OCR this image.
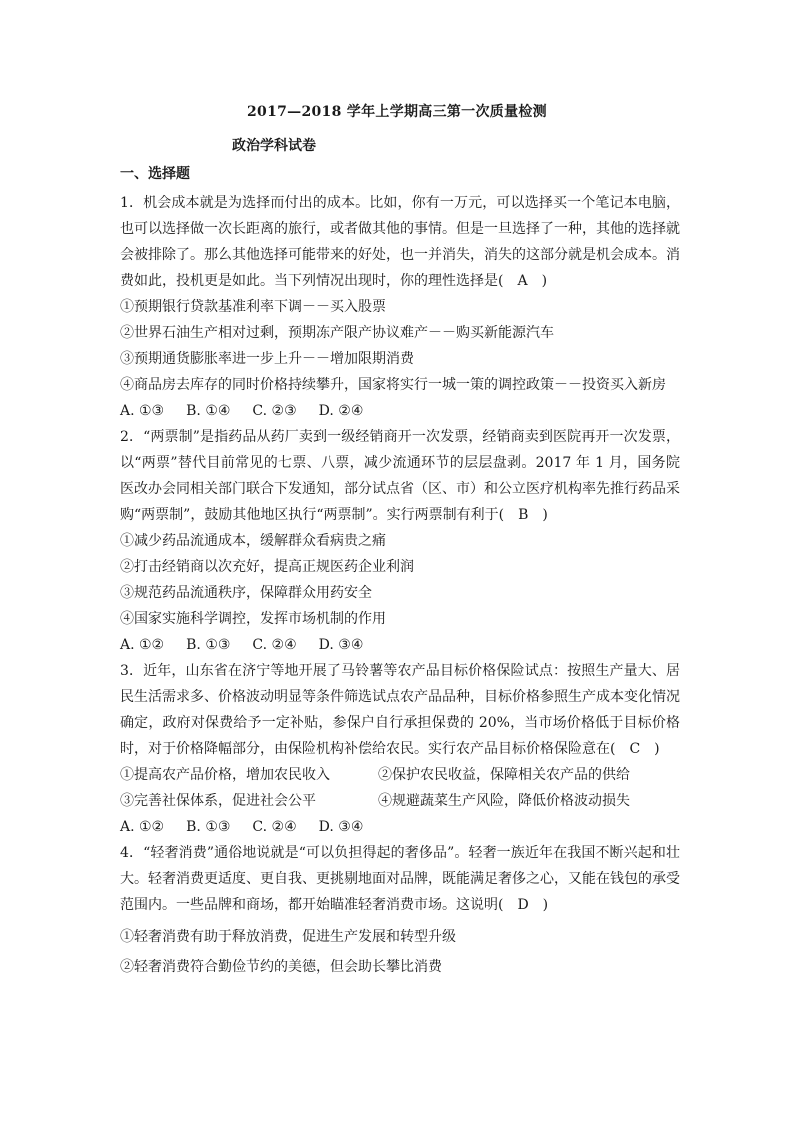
2017—2018 学年上学期高三第一次质量检测
政治学科试卷
一、选择题

1．机会成本就是为选择而付出的成本。比如，你有一万元，可以选择买一个笔记本电脑，也可以选择做一次长距离的旅行，或者做其他的事情。但是一旦选择了一种，其他的选择就会被排除了。那么其他选择可能带来的好处，也一并消失，消失的这部分就是机会成本。消费如此，投机更是如此。当下列情况出现时，你的理性选择是(　A　)

①预期银行贷款基准利率下调－－买入股票
②世界石油生产相对过剩，预期冻产限产协议难产－－购买新能源汽车
③预期通货膨胀率进一步上升－－增加限期消费
④商品房去库存的同时价格持续攀升，国家将实行一城一策的调控政策－－投资买入新房
A. ①③ B. ①④ C. ②③ D. ②④

2．“两票制”是指药品从药厂卖到一级经销商开一次发票，经销商卖到医院再开一次发票，以“两票”替代目前常见的七票、八票，减少流通环节的层层盘剥。2017 年 1 月，国务院医改办会同相关部门联合下发通知，部分试点省（区、市）和公立医疗机构率先推行药品采购“两票制”，鼓励其他地区执行“两票制”。实行两票制有利于(　B　)

①减少药品流通成本，缓解群众看病贵之痛
②打击经销商以次充好，提高正规医药企业利润
③规范药品流通秩序，保障群众用药安全
④国家实施科学调控，发挥市场机制的作用
A. ①② B. ①③ C. ②④ D. ③④

3．近年，山东省在济宁等地开展了马铃薯等农产品目标价格保险试点：按照生产量大、居民生活需求多、价格波动明显等条件筛选试点农产品品种，目标价格参照生产成本变化情况确定，政府对保费给予一定补贴，参保户自行承担保费的 20%，当市场价格低于目标价格时，对于价格降幅部分，由保险机构补偿给农民。实行农产品目标价格保险意在(　C　)

①提高农产品价格，增加农民收入	②保护农民收益，保障相关农产品的供给
③完善社保体系，促进社会公平	④规避蔬菜生产风险，降低价格波动损失
A. ①② B. ①③ C. ②④ D. ③④

4．“轻奢消费”通俗地说就是“可以负担得起的奢侈品”。轻奢一族近年在我国不断兴起和壮大。轻奢消费更适度、更自我、更挑剔地面对品牌，既能满足奢侈之心，又能在钱包的承受范围内。一些品牌和商场，都开始瞄准轻奢消费市场。这说明(　D　)

①轻奢消费有助于释放消费，促进生产发展和转型升级
②轻奢消费符合勤俭节约的美德，但会助长攀比消费
